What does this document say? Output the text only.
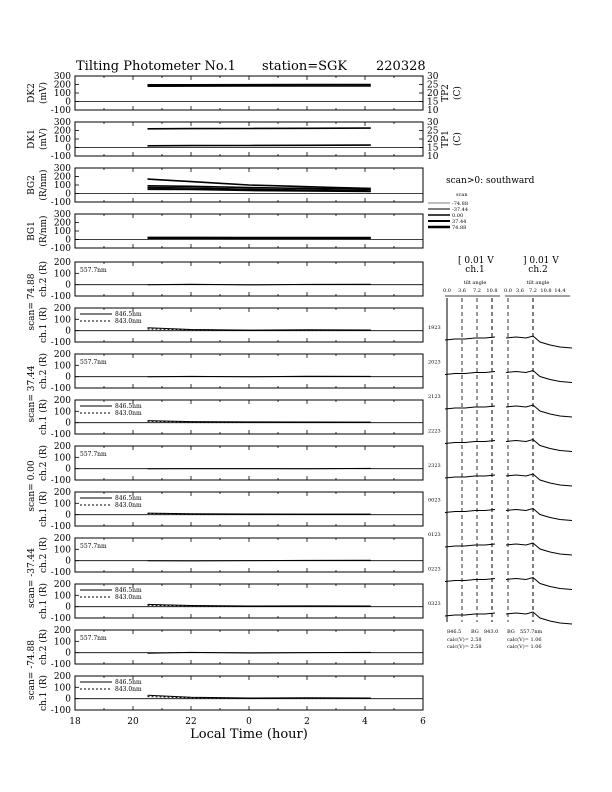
Tilting Photometer No.1 station=SGK 220328
300
200
100
0
-100
DK2 (mV)
30
25
20
15
10
TP2 (C)
300
200
100
0
-100
DK1 (mV)
30
25
20
15
10
TP1 (C)
300
200
100
0
-100
BG2 (R/nm)
300
200
100
0
-100
BG1 (R/nm)
200
100
0
-100
557.7nm
ch.2 (R)
200
100
0
-100
846.5nm
843.0nm
ch.1 (R)
scan= 74.88
200
100
0
-100
557.7nm
ch.2 (R)
200
100
0
-100
846.5nm
843.0nm
ch.1 (R)
scan= 37.44
200
100
0
-100
557.7nm
ch.2 (R)
200
100
0
-100
846.5nm
843.0nm
ch.1 (R)
scan= 0.00
200
100
0
-100
557.7nm
ch.2 (R)
200
100
0
-100
846.5nm
843.0nm
ch.1 (R)
scan= -37.44
200
100
0
-100
557.7nm
ch.2 (R)
200
100
0
-100
846.5nm
843.0nm
ch.1 (R)
scan= -74.88
18	20	22	0	2	4	6
Local Time (hour)
scan>0: southward
scan
-74.88
-37.44
0.00
37.44
74.88
[ 0.01 V	] 0.01 V
ch.1	ch.2
tilt angle	tilt angle
0.0 3.6 7.2 10.8 0.0 3.6 7.2 10.8 14.4
1923
2023
2123
2223
2323
0023
0123
0223
0323
846.5 BG 843.0 BG 557.7nm
calc(V)= 2.58
calc(V)= 2.58
calc(V)= 1.06
calc(V)= 1.06
